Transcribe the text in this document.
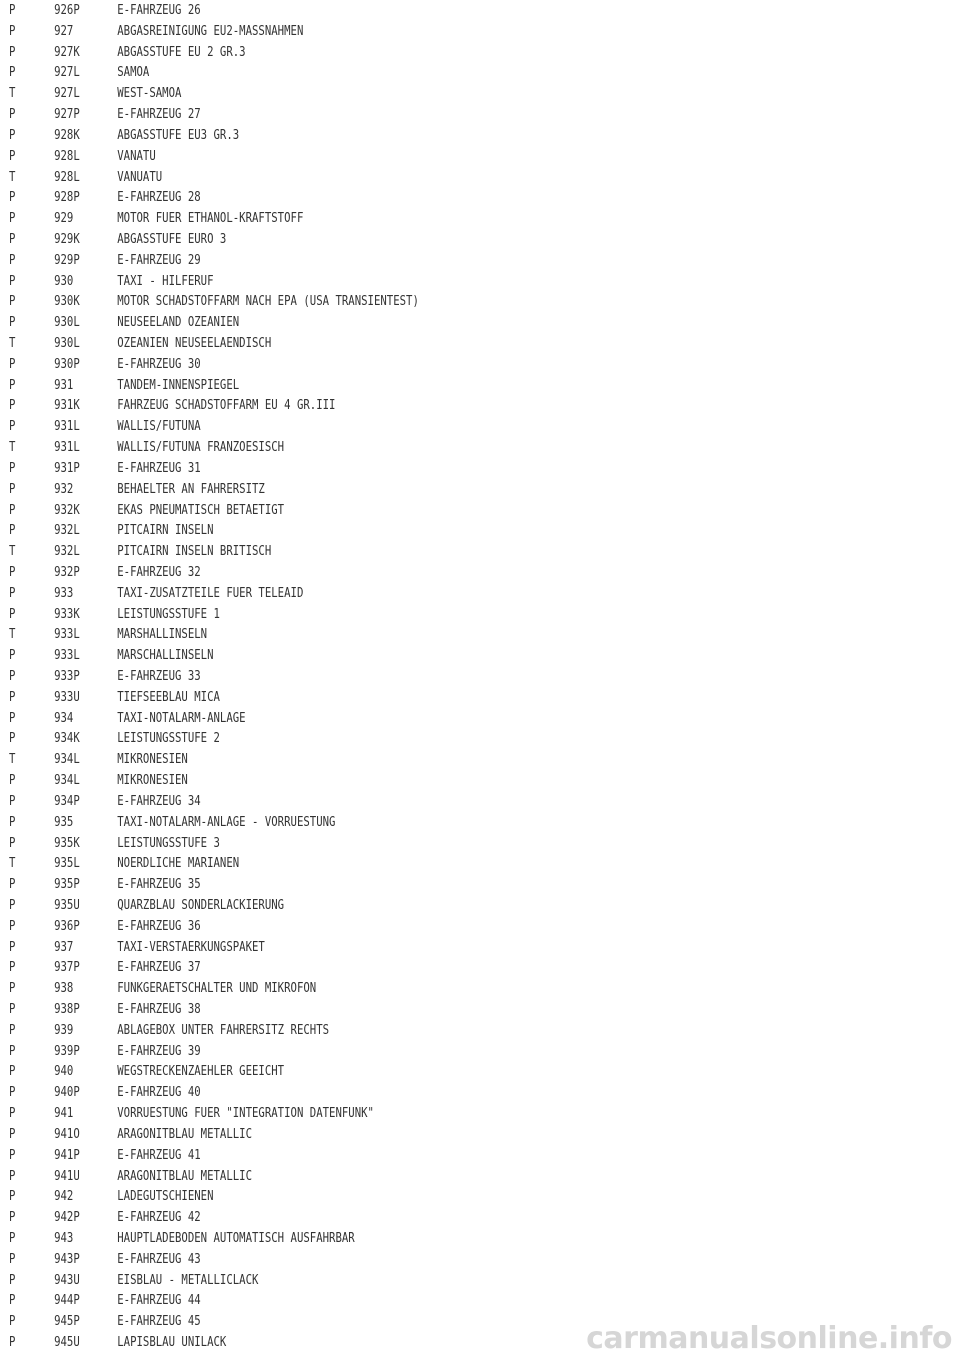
P	926P	E-FAHRZEUG 26
P	927	ABGASREINIGUNG EU2-MASSNAHMEN
P	927K	ABGASSTUFE EU 2 GR.3
P	927L	SAMOA
T	927L	WEST-SAMOA
P	927P	E-FAHRZEUG 27
P	928K	ABGASSTUFE EU3 GR.3
P	928L	VANATU
T	928L	VANUATU
P	928P	E-FAHRZEUG 28
P	929	MOTOR FUER ETHANOL-KRAFTSTOFF
P	929K	ABGASSTUFE EURO 3
P	929P	E-FAHRZEUG 29
P	930	TAXI - HILFERUF
P	930K	MOTOR SCHADSTOFFARM NACH EPA (USA TRANSIENTEST)
P	930L	NEUSEELAND OZEANIEN
T	930L	OZEANIEN NEUSEELAENDISCH
P	930P	E-FAHRZEUG 30
P	931	TANDEM-INNENSPIEGEL
P	931K	FAHRZEUG SCHADSTOFFARM EU 4 GR.III
P	931L	WALLIS/FUTUNA
T	931L	WALLIS/FUTUNA FRANZOESISCH
P	931P	E-FAHRZEUG 31
P	932	BEHAELTER AN FAHRERSITZ
P	932K	EKAS PNEUMATISCH BETAETIGT
P	932L	PITCAIRN INSELN
T	932L	PITCAIRN INSELN BRITISCH
P	932P	E-FAHRZEUG 32
P	933	TAXI-ZUSATZTEILE FUER TELEAID
P	933K	LEISTUNGSSTUFE 1
T	933L	MARSHALLINSELN
P	933L	MARSCHALLINSELN
P	933P	E-FAHRZEUG 33
P	933U	TIEFSEEBLAU MICA
P	934	TAXI-NOTALARM-ANLAGE
P	934K	LEISTUNGSSTUFE 2
T	934L	MIKRONESIEN
P	934L	MIKRONESIEN
P	934P	E-FAHRZEUG 34
P	935	TAXI-NOTALARM-ANLAGE - VORRUESTUNG
P	935K	LEISTUNGSSTUFE 3
T	935L	NOERDLICHE MARIANEN
P	935P	E-FAHRZEUG 35
P	935U	QUARZBLAU SONDERLACKIERUNG
P	936P	E-FAHRZEUG 36
P	937	TAXI-VERSTAERKUNGSPAKET
P	937P	E-FAHRZEUG 37
P	938	FUNKGERAETSCHALTER UND MIKROFON
P	938P	E-FAHRZEUG 38
P	939	ABLAGEBOX UNTER FAHRERSITZ RECHTS
P	939P	E-FAHRZEUG 39
P	940	WEGSTRECKENZAEHLER GEEICHT
P	940P	E-FAHRZEUG 40
P	941	VORRUESTUNG FUER "INTEGRATION DATENFUNK"
P	941O	ARAGONITBLAU METALLIC
P	941P	E-FAHRZEUG 41
P	941U	ARAGONITBLAU METALLIC
P	942	LADEGUTSCHIENEN
P	942P	E-FAHRZEUG 42
P	943	HAUPTLADEBODEN AUTOMATISCH AUSFAHRBAR
P	943P	E-FAHRZEUG 43
P	943U	EISBLAU - METALLICLACK
P	944P	E-FAHRZEUG 44
P	945P	E-FAHRZEUG 45
P	945U	LAPISBLAU UNILACK	carmanualsonline.info
